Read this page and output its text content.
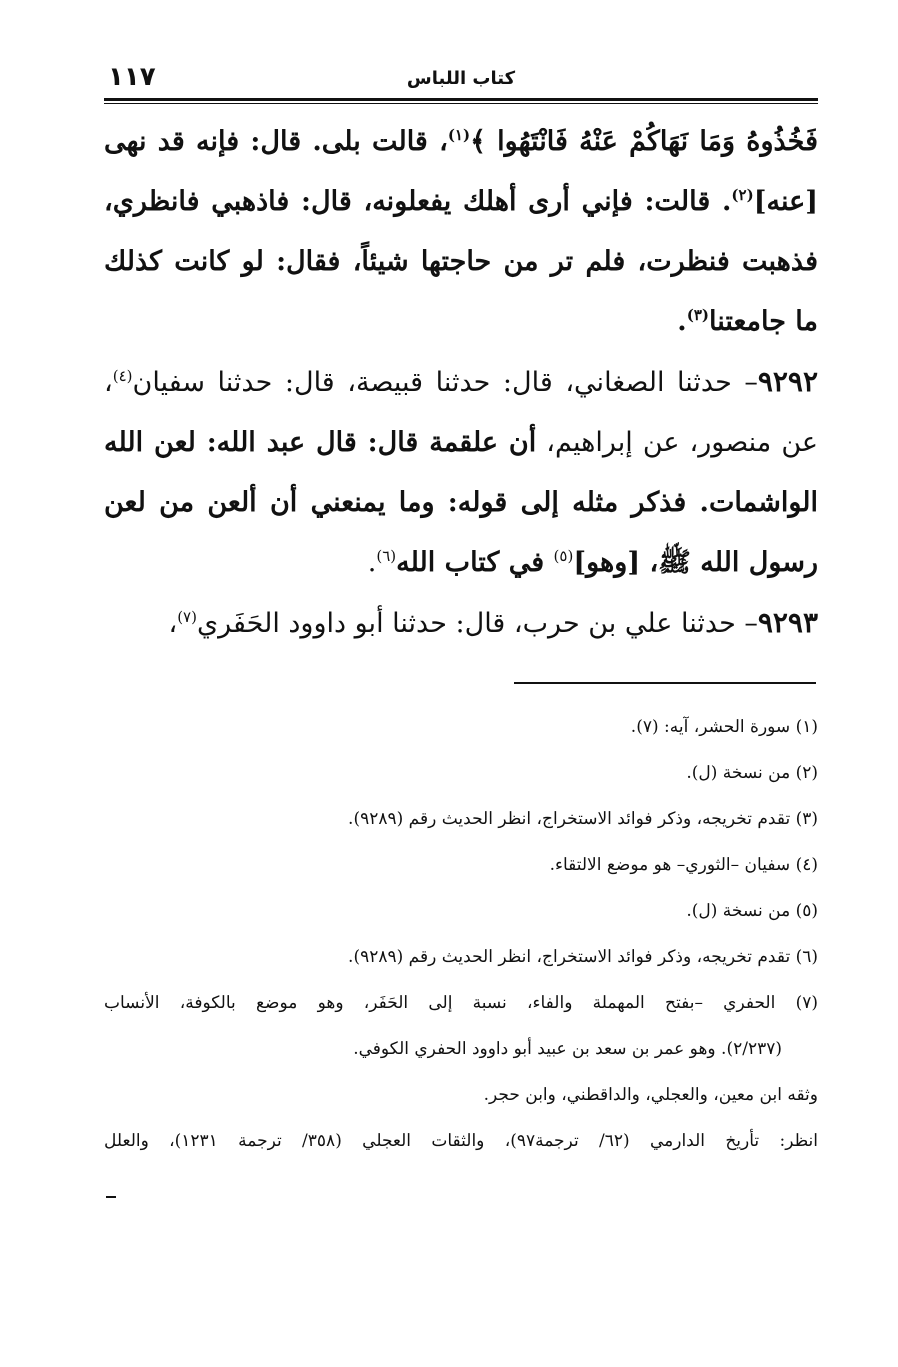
كتاب اللباس
١١٧

فَخُذُوهُ وَمَا نَهَاكُمْ عَنْهُ فَانْتَهُوا ﴾$^{(١)}$، قالت بلى. قال: فإنه قد نهى [عنه]$^{(٢)}$. قالت: فإني أرى أهلك يفعلونه، قال: فاذهبي فانظري، فذهبت فنظرت، فلم تر من حاجتها شيئاً، فقال: لو كانت كذلك ما جامعتنا$^{(٣)}$.

٩٢٩٢– حدثنا الصغاني، قال: حدثنا قبيصة، قال: حدثنا سفيان$^{(٤)}$، عن منصور، عن إبراهيم، أن علقمة قال: قال عبد الله: لعن الله الواشمات. فذكر مثله إلى قوله: وما يمنعني أن ألعن من لعن رسول الله ﷺ، [وهو]$^{(٥)}$ في كتاب الله$^{(٦)}$.

٩٢٩٣– حدثنا علي بن حرب، قال: حدثنا أبو داوود الحَفَري$^{(٧)}$،

(١) سورة الحشر، آيه: (٧).
(٢) من نسخة (ل).
(٣) تقدم تخريجه، وذكر فوائد الاستخراج، انظر الحديث رقم (٩٢٨٩).
(٤) سفيان –الثوري– هو موضع الالتقاء.
(٥) من نسخة (ل).
(٦) تقدم تخريجه، وذكر فوائد الاستخراج، انظر الحديث رقم (٩٢٨٩).
(٧) الحفري –بفتح المهملة والفاء، نسبة إلى الحَفَر، وهو موضع بالكوفة، الأنساب
(٢/٢٣٧). وهو عمر بن سعد بن عبيد أبو داوود الحفري الكوفي.
وثقه ابن معين، والعجلي، والداقطني، وابن حجر.
انظر: تأريخ الدارمي (٦٢/ ترجمة٩٧)، والثقات العجلي (٣٥٨/ ترجمة ١٢٣١)، والعلل
